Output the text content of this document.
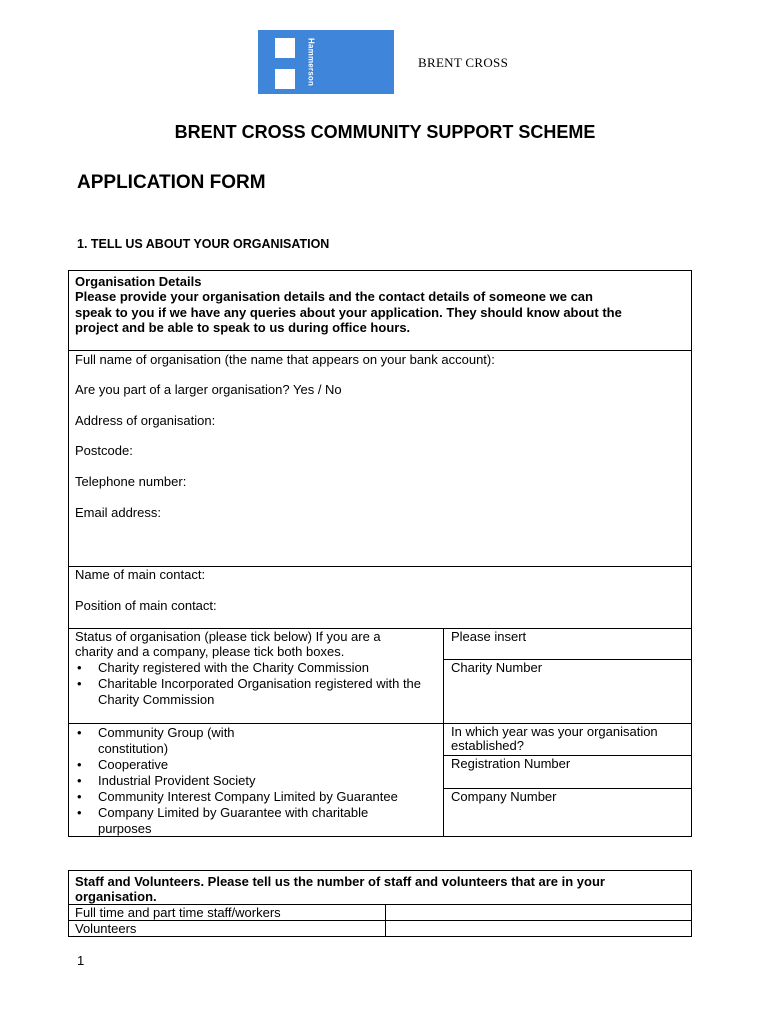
Hammerson	BRENT CROSS
BRENT CROSS COMMUNITY SUPPORT SCHEME
APPLICATION FORM
1. TELL US ABOUT YOUR ORGANISATION
Organisation Details
Please provide your organisation details and the contact details of someone we can
speak to you if we have any queries about your application. They should know about the
project and be able to speak to us during office hours.
Full name of organisation (the name that appears on your bank account):
Are you part of a larger organisation? Yes / No
Address of organisation:
Postcode:
Telephone number:
Email address:
Name of main contact:
Position of main contact:
Status of organisation (please tick below) If you are a
charity and a company, please tick both boxes.
• Charity registered with the Charity Commission
• Charitable Incorporated Organisation registered with the Charity Commission
Please insert
Charity Number
• Community Group (with constitution)
• Cooperative
• Industrial Provident Society
• Community Interest Company Limited by Guarantee
• Company Limited by Guarantee with charitable purposes
In which year was your organisation
established?
Registration Number
Company Number
Staff and Volunteers. Please tell us the number of staff and volunteers that are in your
organisation.
Full time and part time staff/workers
Volunteers
1
